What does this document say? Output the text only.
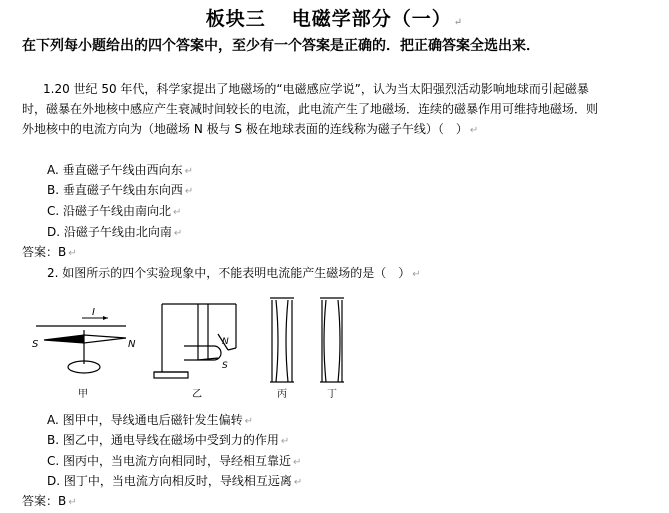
板块三 电磁学部分（一） ↵
在下列每小题给出的四个答案中，至少有一个答案是正确的．把正确答案全选出来．
1.20 世纪 50 年代，科学家提出了地磁场的“电磁感应学说”，认为当太阳强烈活动影响地球而引起磁暴时，磁暴在外地核中感应产生衰减时间较长的电流，此电流产生了地磁场．连续的磁暴作用可维持地磁场．则外地核中的电流方向为（地磁场 N 极与 S 极在地球表面的连线称为磁子午线）（　） ↵
A. 垂直磁子午线由西向东 ↵
B. 垂直磁子午线由东向西 ↵
C. 沿磁子午线由南向北 ↵
D. 沿磁子午线由北向南 ↵
答案：B ↵
2. 如图所示的四个实验现象中，不能表明电流能产生磁场的是（　） ↵
I
S	N	N
S
甲	乙	丙	丁
A. 图甲中，导线通电后磁针发生偏转 ↵
B. 图乙中，通电导线在磁场中受到力的作用 ↵
C. 图丙中，当电流方向相同时，导经相互靠近 ↵
D. 图丁中，当电流方向相反时，导线相互远离 ↵
答案：B ↵
